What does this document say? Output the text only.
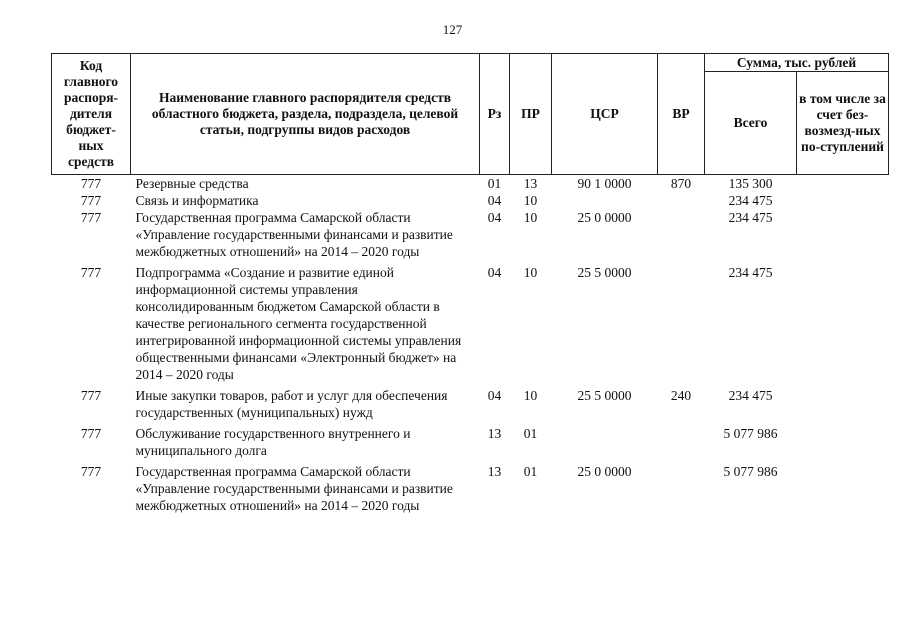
127
Код главного распоря-дителя бюджет-ных средств	Наименование главного распорядителя средств областного бюджета, раздела, подраздела, целевой статьи, подгруппы видов расходов	Рз	ПР	ЦСР	ВР	Сумма, тыс. рублей	
						Всего	в том числе за счет без-возмезд-ных по-ступлений
777	Резервные средства	01	13	90 1 0000	870	135 300	
777	Связь и информатика	04	10			234 475	
777	Государственная программа Самарской области «Управление государственными финансами и развитие межбюджетных отношений» на 2014 – 2020 годы	04	10	25 0 0000		234 475	
777	Подпрограмма «Создание и развитие единой информационной системы управления консолидированным бюджетом Самарской области в качестве регионального сегмента государственной интегрированной информационной системы управления общественными финансами «Электронный бюджет» на 2014 – 2020 годы	04	10	25 5 0000		234 475	
777	Иные закупки товаров, работ и услуг для обеспечения государственных (муниципальных) нужд	04	10	25 5 0000	240	234 475	
777	Обслуживание государственного внутреннего и муниципального долга	13	01			5 077 986	
777	Государственная программа Самарской области «Управление государственными финансами и развитие межбюджетных отношений» на 2014 – 2020 годы	13	01	25 0 0000		5 077 986	
